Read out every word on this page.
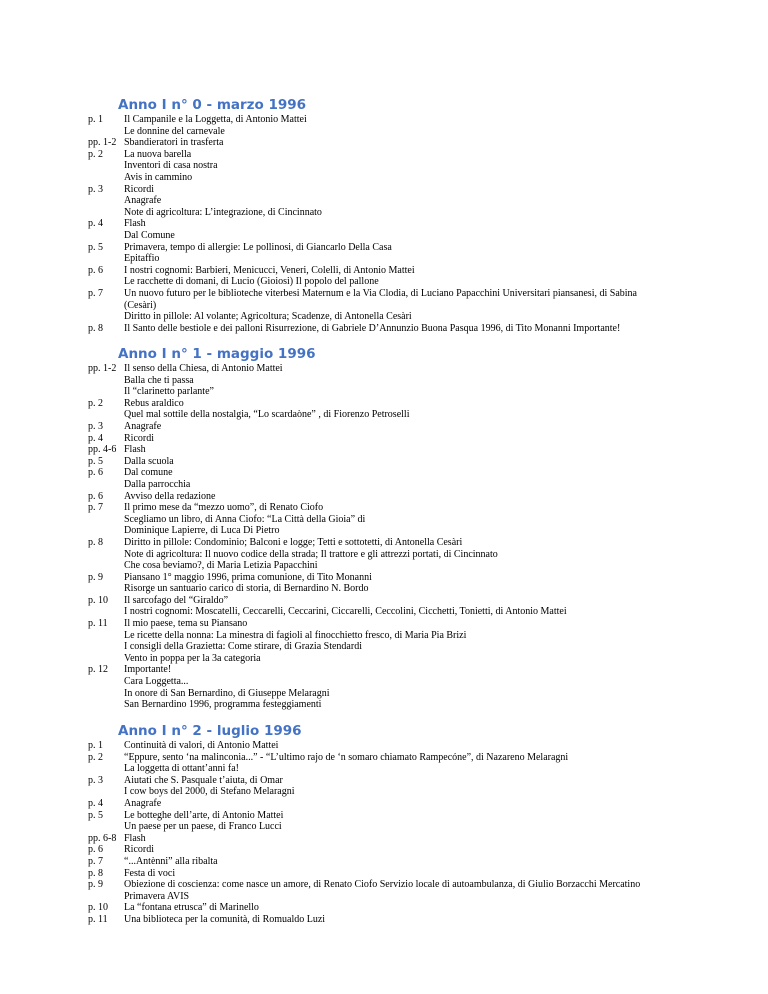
Anno I n° 0 - marzo 1996
p. 1 Il Campanile e la Loggetta, di Antonio Mattei
Le donnine del carnevale
pp. 1-2 Sbandieratori in trasferta
p. 2 La nuova barella
Inventori di casa nostra
Avis in cammino
p. 3 Ricordi
Anagrafe
Note di agricoltura: L’integrazione, di Cincinnato
p. 4 Flash
Dal Comune
p. 5 Primavera, tempo di allergie: Le pollinosi, di Giancarlo Della Casa
Epitaffio
p. 6 I nostri cognomi: Barbieri, Menicucci, Veneri, Colelli, di Antonio Mattei
Le racchette di domani, di Lucio (Gioiosi) Il popolo del pallone
p. 7 Un nuovo futuro per le biblioteche viterbesi Maternum e la Via Clodia, di Luciano Papacchini Universitari piansanesi, di Sabina
(Cesàri)
Diritto in pillole: Al volante; Agricoltura; Scadenze, di Antonella Cesàri
p. 8 Il Santo delle bestiole e dei palloni Risurrezione, di Gabriele D’Annunzio Buona Pasqua 1996, di Tito Monanni Importante!
Anno I n° 1 - maggio 1996
pp. 1-2 Il senso della Chiesa, di Antonio Mattei
Balla che ti passa
Il “clarinetto parlante”
p. 2 Rebus araldico
Quel mal sottile della nostalgia, “Lo scardaòne” , di Fiorenzo Petroselli
p. 3 Anagrafe
p. 4 Ricordi
pp. 4-6 Flash
p. 5 Dalla scuola
p. 6 Dal comune
Dalla parrocchia
p. 6 Avviso della redazione
p. 7 Il primo mese da “mezzo uomo”, di Renato Ciofo
Scegliamo un libro, di Anna Ciofo: “La Città della Gioia” di
Dominique Lapierre, di Luca Di Pietro
p. 8 Diritto in pillole: Condominio; Balconi e logge; Tetti e sottotetti, di Antonella Cesàri
Note di agricoltura: Il nuovo codice della strada; Il trattore e gli attrezzi portati, di Cincinnato
Che cosa beviamo?, di Maria Letizia Papacchini
p. 9 Piansano 1° maggio 1996, prima comunione, di Tito Monanni
Risorge un santuario carico di storia, di Bernardino N. Bordo
p. 10 Il sarcofago del “Giraldo”
I nostri cognomi: Moscatelli, Ceccarelli, Ceccarini, Ciccarelli, Ceccolini, Cicchetti, Tonietti, di Antonio Mattei
p. 11 Il mio paese, tema su Piansano
Le ricette della nonna: La minestra di fagioli al finocchietto fresco, di Maria Pia Brizi
I consigli della Grazietta: Come stirare, di Grazia Stendardi
Vento in poppa per la 3a categoria
p. 12 Importante!
Cara Loggetta...
In onore di San Bernardino, di Giuseppe Melaragni
San Bernardino 1996, programma festeggiamenti
Anno I n° 2 - luglio 1996
p. 1 Continuità di valori, di Antonio Mattei
p. 2 “Eppure, sento ‘na malinconia...” - “L’ultimo rajo de ‘n somaro chiamato Rampecóne”, di Nazareno Melaragni
La loggetta di ottant’anni fa!
p. 3 Aiutati che S. Pasquale t’aiuta, di Omar
I cow boys del 2000, di Stefano Melaragni
p. 4 Anagrafe
p. 5 Le botteghe dell’arte, di Antonio Mattei
Un paese per un paese, di Franco Lucci
pp. 6-8 Flash
p. 6 Ricordi
p. 7 “...Antènni” alla ribalta
p. 8 Festa di voci
p. 9 Obiezione di coscienza: come nasce un amore, di Renato Ciofo Servizio locale di autoambulanza, di Giulio Borzacchi Mercatino
Primavera AVIS
p. 10 La “fontana etrusca” di Marinello
p. 11 Una biblioteca per la comunità, di Romualdo Luzi
